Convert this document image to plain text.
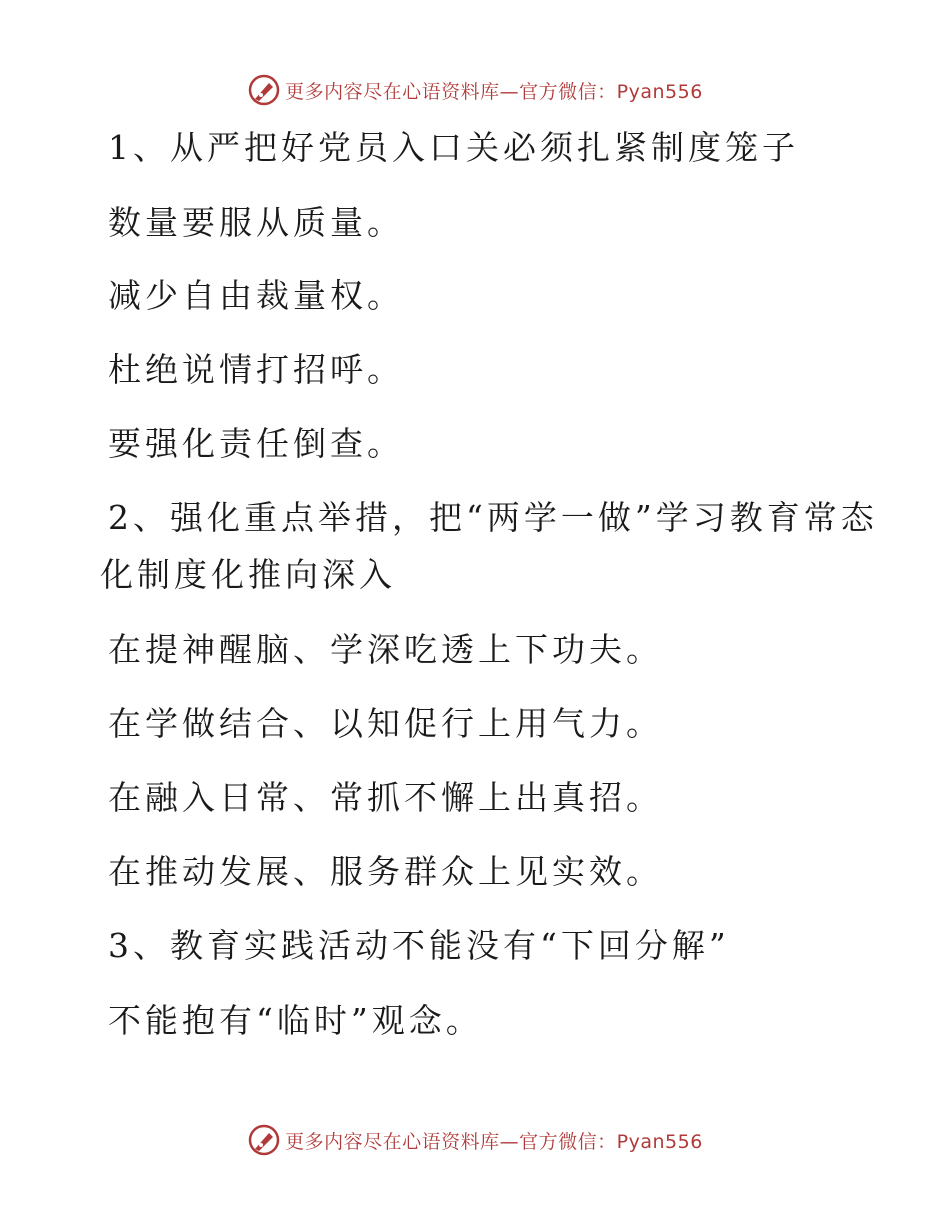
更多内容尽在心语资料库—官方微信：Pyan556
1、从严把好党员入口关必须扎紧制度笼子
数量要服从质量。
减少自由裁量权。
杜绝说情打招呼。
要强化责任倒查。
2、强化重点举措，把“两学一做”学习教育常态
化制度化推向深入
在提神醒脑、学深吃透上下功夫。
在学做结合、以知促行上用气力。
在融入日常、常抓不懈上出真招。
在推动发展、服务群众上见实效。
3、教育实践活动不能没有“下回分解”
不能抱有“临时”观念。
更多内容尽在心语资料库—官方微信：Pyan556
